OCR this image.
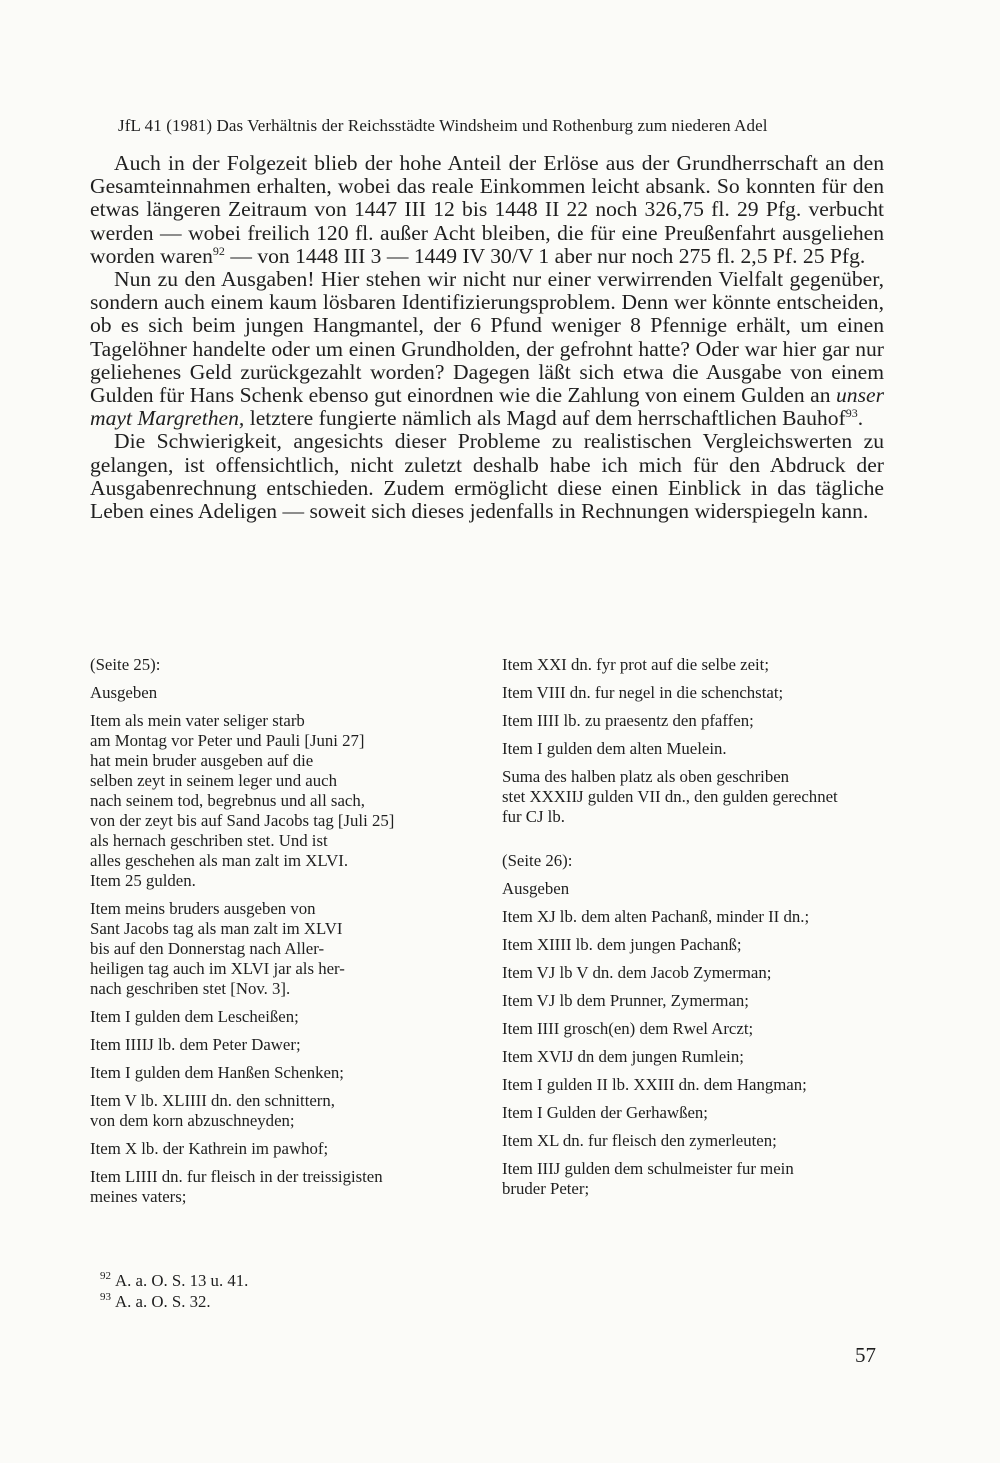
JfL 41 (1981) Das Verhältnis der Reichsstädte Windsheim und Rothenburg zum niederen Adel

Auch in der Folgezeit blieb der hohe Anteil der Erlöse aus der Grundherrschaft an den Gesamteinnahmen erhalten, wobei das reale Einkommen leicht absank. So konnten für den etwas längeren Zeitraum von 1447 III 12 bis 1448 II 22 noch 326,75 fl. 29 Pfg. verbucht werden — wobei freilich 120 fl. außer Acht bleiben, die für eine Preußenfahrt ausgeliehen worden waren$^{92}$ — von 1448 III 3 — 1449 IV 30/V 1 aber nur noch 275 fl. 2,5 Pf. 25 Pfg.

Nun zu den Ausgaben! Hier stehen wir nicht nur einer verwirrenden Vielfalt gegenüber, sondern auch einem kaum lösbaren Identifizierungsproblem. Denn wer könnte entscheiden, ob es sich beim jungen Hangmantel, der 6 Pfund weniger 8 Pfennige erhält, um einen Tagelöhner handelte oder um einen Grundholden, der gefrohnt hatte? Oder war hier gar nur geliehenes Geld zurückgezahlt worden? Dagegen läßt sich etwa die Ausgabe von einem Gulden für Hans Schenk ebenso gut einordnen wie die Zahlung von einem Gulden an unser mayt Margrethen, letztere fungierte nämlich als Magd auf dem herrschaftlichen Bauhof$^{93}$.

Die Schwierigkeit, angesichts dieser Probleme zu realistischen Vergleichswerten zu gelangen, ist offensichtlich, nicht zuletzt deshalb habe ich mich für den Abdruck der Ausgabenrechnung entschieden. Zudem ermöglicht diese einen Einblick in das tägliche Leben eines Adeligen — soweit sich dieses jedenfalls in Rechnungen widerspiegeln kann.

(Seite 25):
Ausgeben
Item als mein vater seliger starb
am Montag vor Peter und Pauli [Juni 27]
hat mein bruder ausgeben auf die
selben zeyt in seinem leger und auch
nach seinem tod, begrebnus und all sach,
von der zeyt bis auf Sand Jacobs tag [Juli 25]
als hernach geschriben stet. Und ist
alles geschehen als man zalt im XLVI.
Item 25 gulden.
Item meins bruders ausgeben von
Sant Jacobs tag als man zalt im XLVI
bis auf den Donnerstag nach Aller-
heiligen tag auch im XLVI jar als her-
nach geschriben stet [Nov. 3].
Item I gulden dem Lescheißen;
Item IIIIJ lb. dem Peter Dawer;
Item I gulden dem Hanßen Schenken;
Item V lb. XLIIII dn. den schnittern,
von dem korn abzuschneyden;
Item X lb. der Kathrein im pawhof;
Item LIIII dn. fur fleisch in der treissigisten
meines vaters;
Item XXI dn. fyr prot auf die selbe zeit;
Item VIII dn. fur negel in die schenchstat;
Item IIII lb. zu praesentz den pfaffen;
Item I gulden dem alten Muelein.
Suma des halben platz als oben geschriben
stet XXXIIJ gulden VII dn., den gulden gerechnet
fur CJ lb.
(Seite 26):
Ausgeben
Item XJ lb. dem alten Pachanß, minder II dn.;
Item XIIII lb. dem jungen Pachanß;
Item VJ lb V dn. dem Jacob Zymerman;
Item VJ lb dem Prunner, Zymerman;
Item IIII grosch(en) dem Rwel Arczt;
Item XVIJ dn dem jungen Rumlein;
Item I gulden II lb. XXIII dn. dem Hangman;
Item I Gulden der Gerhawßen;
Item XL dn. fur fleisch den zymerleuten;
Item IIIJ gulden dem schulmeister fur mein
bruder Peter;
$^{92}$ A. a. O. S. 13 u. 41.
$^{93}$ A. a. O. S. 32.
57
